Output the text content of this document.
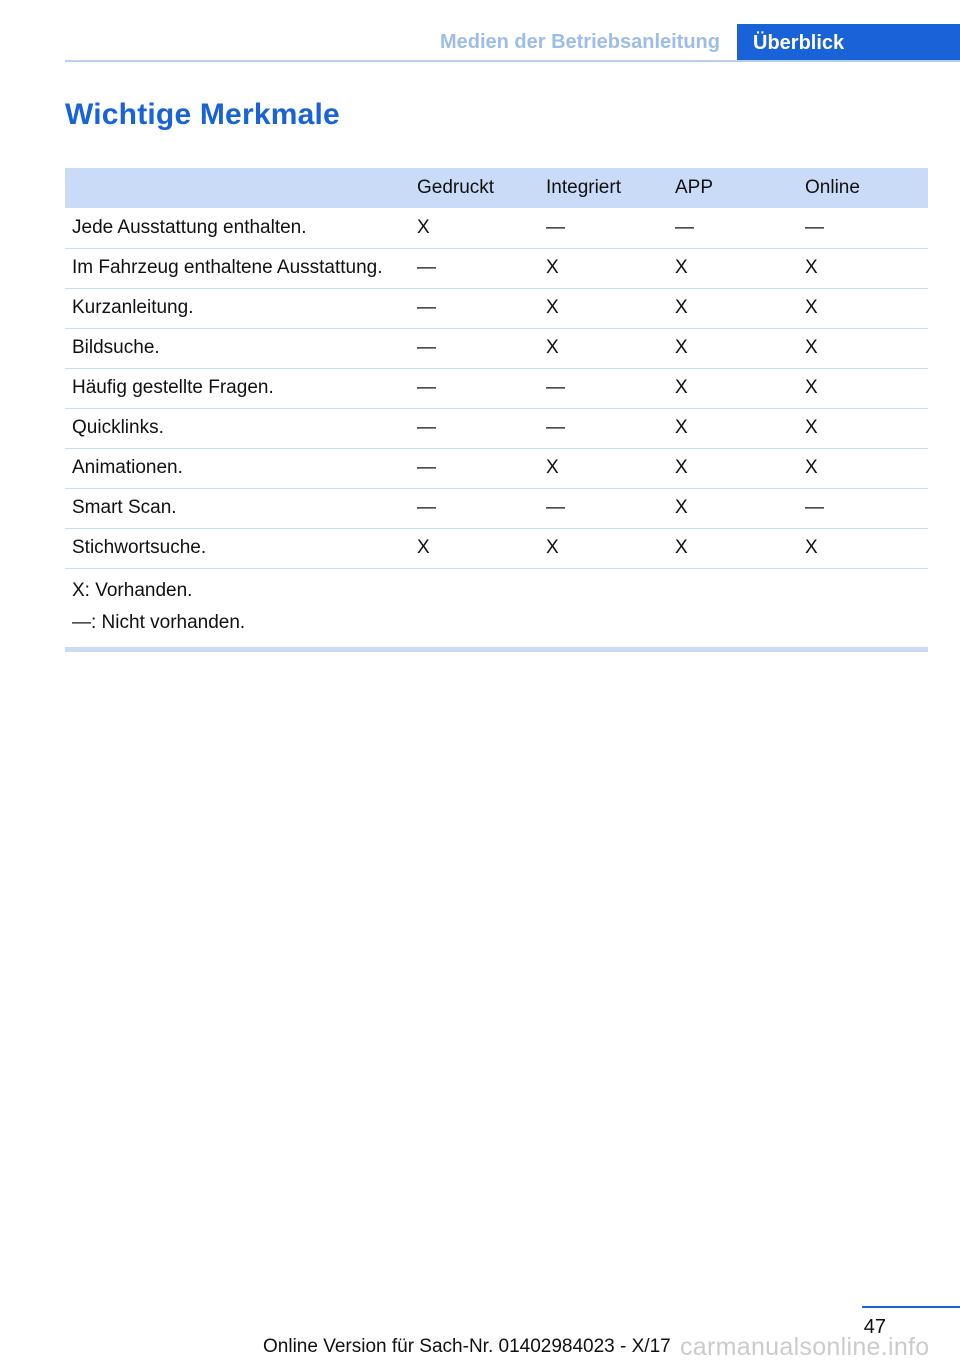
Medien der Betriebsanleitung	Überblick
Wichtige Merkmale
	Gedruckt	Integriert	APP	Online
Jede Ausstattung enthalten.	X	—	—	—
Im Fahrzeug enthaltene Ausstattung.	—	X	X	X
Kurzanleitung.	—	X	X	X
Bildsuche.	—	X	X	X
Häufig gestellte Fragen.	—	—	X	X
Quicklinks.	—	—	X	X
Animationen.	—	X	X	X
Smart Scan.	—	—	X	—
Stichwortsuche.	X	X	X	X

X: Vorhanden.
—: Nicht vorhanden.				
47
Online Version für Sach-Nr. 01402984023 - X/17 carmanualsonline.info
